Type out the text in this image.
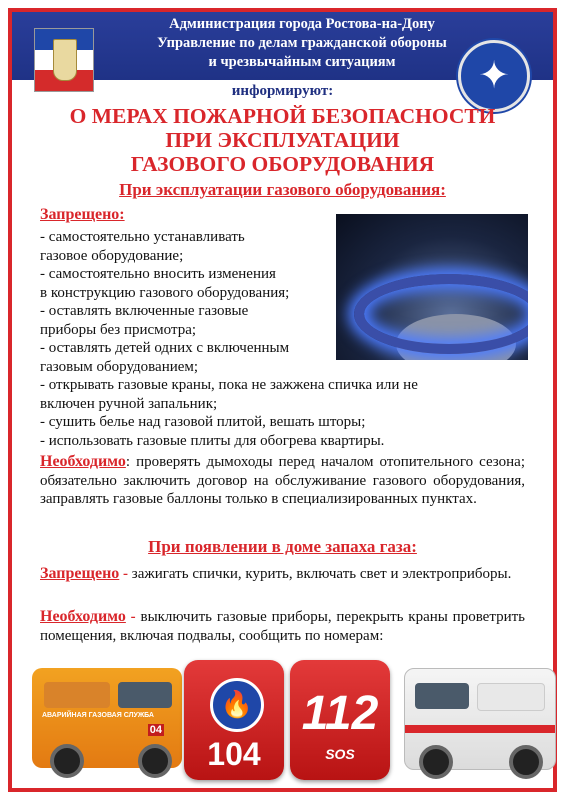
Администрация города Ростова-на-Дону
Управление по делам гражданской обороны
и чрезвычайным ситуациям	✦
информируют:
О МЕРАХ ПОЖАРНОЙ БЕЗОПАСНОСТИ
ПРИ ЭКСПЛУАТАЦИИ
ГАЗОВОГО ОБОРУДОВАНИЯ
При эксплуатации газового оборудования:
Запрещено:
- самостоятельно устанавливать
газовое оборудование;
- самостоятельно вносить изменения
в конструкцию газового оборудования;
- оставлять включенные газовые
приборы без присмотра;
- оставлять детей одних с включенным
газовым оборудованием;
- открывать газовые краны, пока не зажжена спичка или не
включен ручной запальник;
- сушить белье над газовой плитой, вешать шторы;
- использовать газовые плиты для обогрева квартиры.
Необходимо: проверять дымоходы перед началом отопительного сезона; обязательно заключить договор на обслуживание газового оборудования, заправлять газовые баллоны только в специализированных пунктах.
При появлении в доме запаха газа:
Запрещено - зажигать спички, курить, включать свет и электроприборы.
Необходимо - выключить газовые приборы, перекрыть краны проветрить помещения, включая подвалы, сообщить по номерам:
АВАРИЙНАЯ ГАЗОВАЯ СЛУЖБА
04
🔥
104
112
SOS
